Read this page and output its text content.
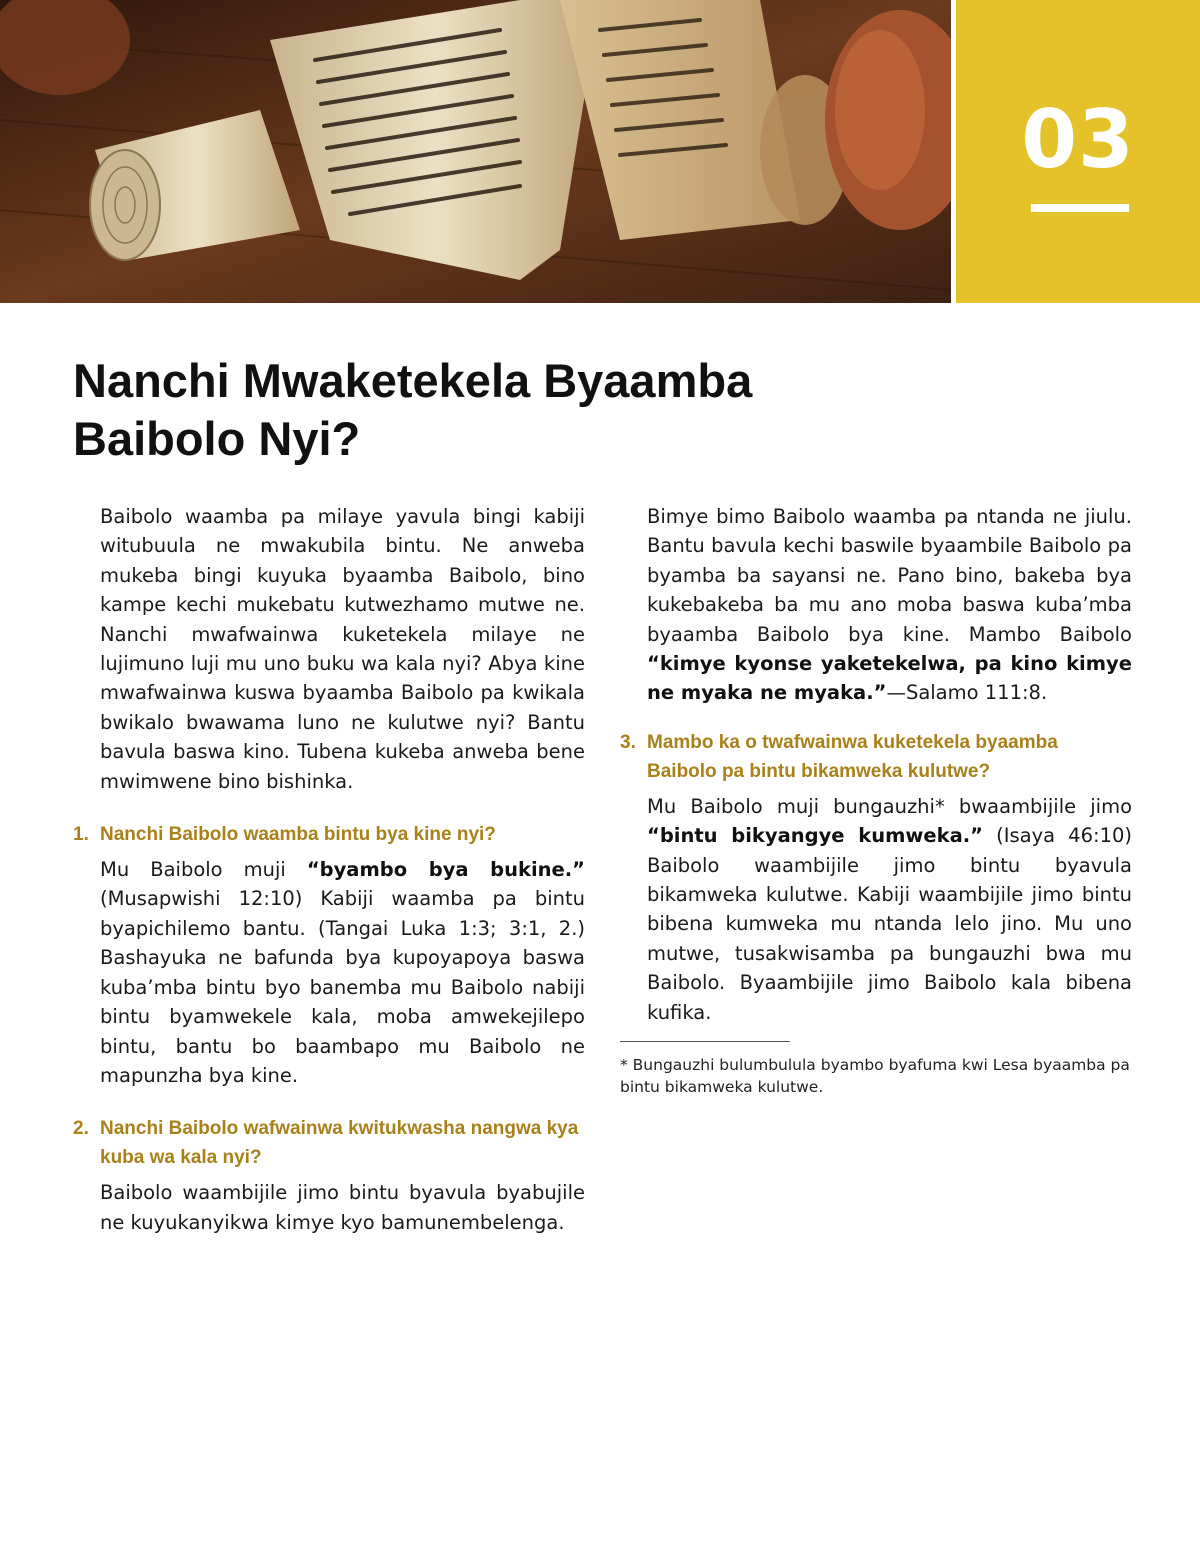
03
Nanchi Mwaketekela Byaamba Baibolo Nyi?

Baibolo waamba pa milaye yavula bingi kabiji witubuula ne mwakubila bintu. Ne anweba mukeba bingi kuyuka byaamba Baibolo, bino kampe kechi mukebatu kutwezhamo mutwe ne. Nanchi mwafwainwa kuketekela milaye ne lujimuno luji mu uno buku wa kala nyi? Abya kine mwafwainwa kuswa byaamba Baibolo pa kwikala bwikalo bwawama luno ne kulutwe nyi? Bantu bavula baswa kino. Tubena kukeba anweba bene mwimwene bino bishinka.

1. Nanchi Baibolo waamba bintu bya kine nyi?

Mu Baibolo muji “byambo bya bukine.” (Musapwishi 12:10) Kabiji waamba pa bintu byapichilemo bantu. (Tangai Luka 1:3; 3:1, 2.) Bashayuka ne bafunda bya kupoyapoya baswa kuba’mba bintu byo banemba mu Baibolo nabiji bintu byamwekele kala, moba amwekejilepo bintu, bantu bo baambapo mu Baibolo ne mapunzha bya kine.

2. Nanchi Baibolo wafwainwa kwitukwasha nangwa kya kuba wa kala nyi?

Baibolo waambijile jimo bintu byavula byabujile ne kuyukanyikwa kimye kyo bamunembelenga.

Bimye bimo Baibolo waamba pa ntanda ne jiulu. Bantu bavula kechi baswile byaambile Baibolo pa byamba ba sayansi ne. Pano bino, bakeba bya kukebakeba ba mu ano moba baswa kuba’mba byaamba Baibolo bya kine. Mambo Baibolo “kimye kyonse yaketekelwa, pa kino kimye ne myaka ne myaka.”—Salamo 111:8.

3. Mambo ka o twafwainwa kuketekela byaamba Baibolo pa bintu bikamweka kulutwe?

Mu Baibolo muji bungauzhi* bwaambijile jimo “bintu bikyangye kumweka.” (Isaya 46:10) Baibolo waambijile jimo bintu byavula bikamweka kulutwe. Kabiji waambijile jimo bintu bibena kumweka mu ntanda lelo jino. Mu uno mutwe, tusakwisamba pa bungauzhi bwa mu Baibolo. Byaambijile jimo Baibolo kala bibena kufika.

* Bungauzhi bulumbulula byambo byafuma kwi Lesa byaamba pa bintu bikamweka kulutwe.
